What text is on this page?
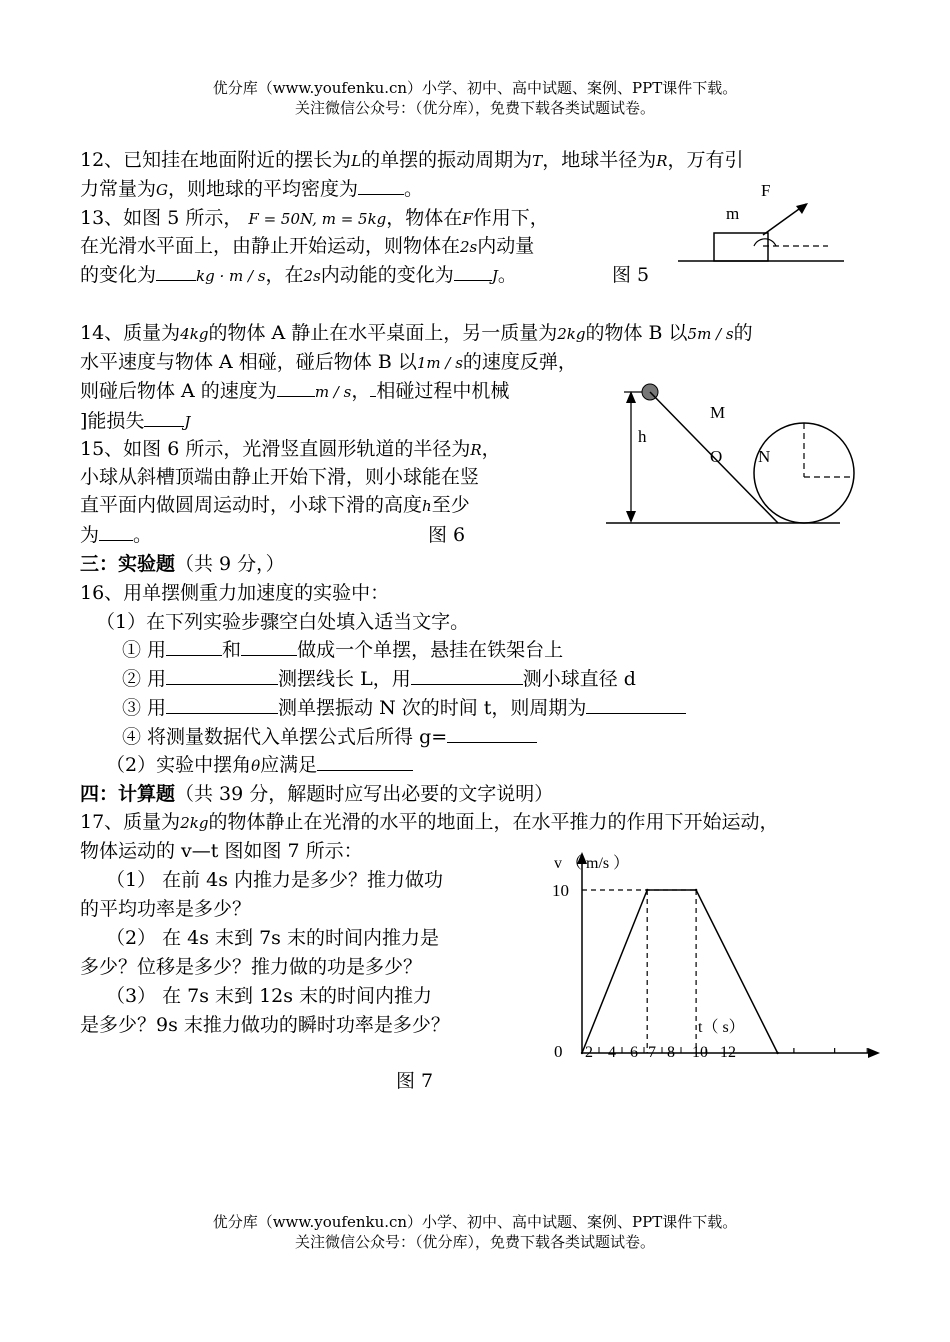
优分库（www.youfenku.cn）小学、初中、高中试题、案例、PPT课件下载。
关注微信公众号：（优分库），免费下载各类试题试卷。
12、已知挂在地面附近的摆长为L的单摆的振动周期为T，地球半径为R，万有引
力常量为G，则地球的平均密度为 。
13、如图 5 所示， F = 50N, m = 5kg，物体在F作用下，
在光滑水平面上，由静止开始运动，则物体在2s内动量
的变化为	kg · m / s，在2s内动能的变化为	J。	图 5
F
m
14、质量为4kg的物体 A 静止在水平桌面上，另一质量为2kg的物体 B 以5m / s的
水平速度与物体 A 相碰，碰后物体 B 以1m / s的速度反弹，
则碰后物体 A 的速度为	m / s， 相碰过程中机械
]能损失	J
15、如图 6 所示，光滑竖直圆形轨道的半径为R，
小球从斜槽顶端由静止开始下滑，则小球能在竖
直平面内做圆周运动时，小球下滑的高度h至少
为 。	图 6
h
M
O N
三：实验题（共 9 分，）
16、用单摆侧重力加速度的实验中：
（1）在下列实验步骤空白处填入适当文字。
① 用	和	做成一个单摆，悬挂在铁架台上
② 用	测摆线长 L，用	测小球直径 d
③ 用	测单摆振动 N 次的时间 t，则周期为
④ 将测量数据代入单摆公式后所得 g=
（2）实验中摆角θ应满足
四：计算题（共 39 分，解题时应写出必要的文字说明）
17、质量为2kg的物体静止在光滑的水平的地面上，在水平推力的作用下开始运动，
物体运动的 v—t 图如图 7 所示：
（1） 在前 4s 内推力是多少？推力做功
的平均功率是多少？
（2） 在 4s 末到 7s 末的时间内推力是
多少？位移是多少？推力做的功是多少？
（3） 在 7s 末到 12s 末的时间内推力
是多少？9s 末推力做功的瞬时功率是多少？
图 7
v （ m/s ）
0
t（ s）
10
2 4 6 7 8 10 12
优分库（www.youfenku.cn）小学、初中、高中试题、案例、PPT课件下载。
关注微信公众号：（优分库），免费下载各类试题试卷。
